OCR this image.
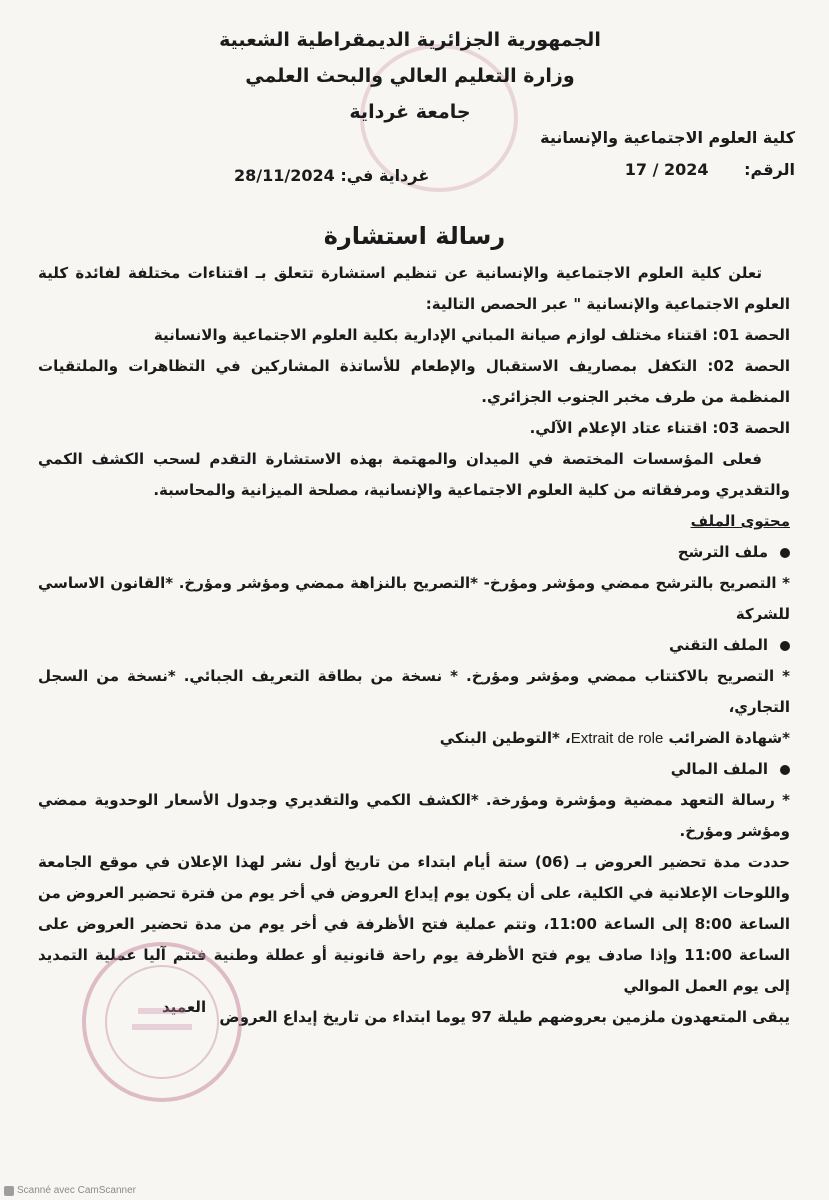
الجمهورية الجزائرية الديمقراطية الشعبية
وزارة التعليم العالي والبحث العلمي
جامعة غرداية
كلية العلوم الاجتماعية والإنسانية
الرقم: 17 / 2024
غرداية في: 28/11/2024
رسالة استشارة

تعلن كلية العلوم الاجتماعية والإنسانية عن تنظيم استشارة تتعلق بـ اقتناءات مختلفة لفائدة كلية العلوم الاجتماعية والإنسانية " عبر الحصص التالية:

الحصة 01: اقتناء مختلف لوازم صيانة المباني الإدارية بكلية العلوم الاجتماعية والانسانية

الحصة 02: التكفل بمصاريف الاستقبال والإطعام للأساتذة المشاركين في التظاهرات والملتقيات المنظمة من طرف مخبر الجنوب الجزائري.

الحصة 03: اقتناء عتاد الإعلام الآلي.

فعلى المؤسسات المختصة في الميدان والمهتمة بهذه الاستشارة التقدم لسحب الكشف الكمي والتقديري ومرفقاته من كلية العلوم الاجتماعية والإنسانية، مصلحة الميزانية والمحاسبة.

محتوى الملف

ملف الترشح

* التصريح بالترشح ممضي ومؤشر ومؤرخ- *التصريح بالنزاهة ممضي ومؤشر ومؤرخ. *القانون الاساسي للشركة

الملف التقني

* التصريح بالاكتتاب ممضي ومؤشر ومؤرخ. * نسخة من بطاقة التعريف الجبائي. *نسخة من السجل التجاري،

*شهادة الضرائب Extrait de role، *التوطين البنكي

الملف المالي

* رسالة التعهد ممضية ومؤشرة ومؤرخة. *الكشف الكمي والتقديري وجدول الأسعار الوحدوية ممضي ومؤشر ومؤرخ.

حددت مدة تحضير العروض بـ (06) ستة أيام ابتداء من تاريخ أول نشر لهذا الإعلان في موقع الجامعة واللوحات الإعلانية في الكلية، على أن يكون يوم إيداع العروض في أخر يوم من فترة تحضير العروض من الساعة 8:00 إلى الساعة 11:00، وتتم عملية فتح الأظرفة في أخر يوم من مدة تحضير العروض على الساعة 11:00 وإذا صادف يوم فتح الأظرفة يوم راحة قانونية أو عطلة وطنية فتتم آليا عملية التمديد إلى يوم العمل الموالي

يبقى المتعهدون ملزمين بعروضهم طيلة 97 يوما ابتداء من تاريخ إيداع العروض

العميد
Scanné avec CamScanner
